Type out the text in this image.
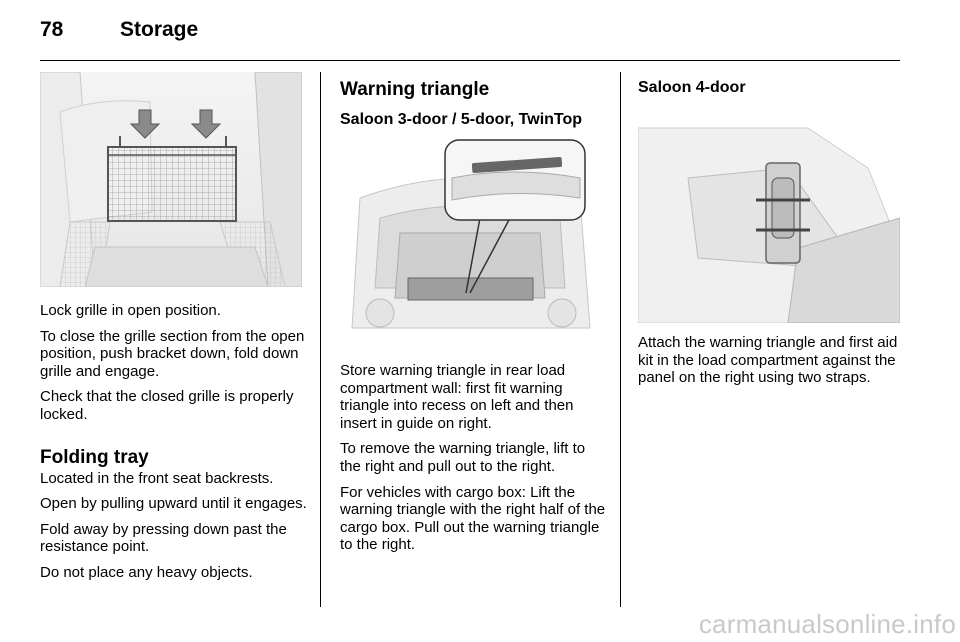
78	Storage

Lock grille in open position.

To close the grille section from the open position, push bracket down, fold down grille and engage.

Check that the closed grille is properly locked.

Folding tray

Located in the front seat backrests.

Open by pulling upward until it engages.

Fold away by pressing down past the resistance point.

Do not place any heavy objects.

Warning triangle
Saloon 3-door / 5-door, TwinTop

Store warning triangle in rear load compartment wall: first fit warning triangle into recess on left and then insert in guide on right.

To remove the warning triangle, lift to the right and pull out to the right.

For vehicles with cargo box: Lift the warning triangle with the right half of the cargo box. Pull out the warning triangle to the right.

Saloon 4-door

Attach the warning triangle and first aid kit in the load compartment against the panel on the right using two straps.

carmanualsonline.info
